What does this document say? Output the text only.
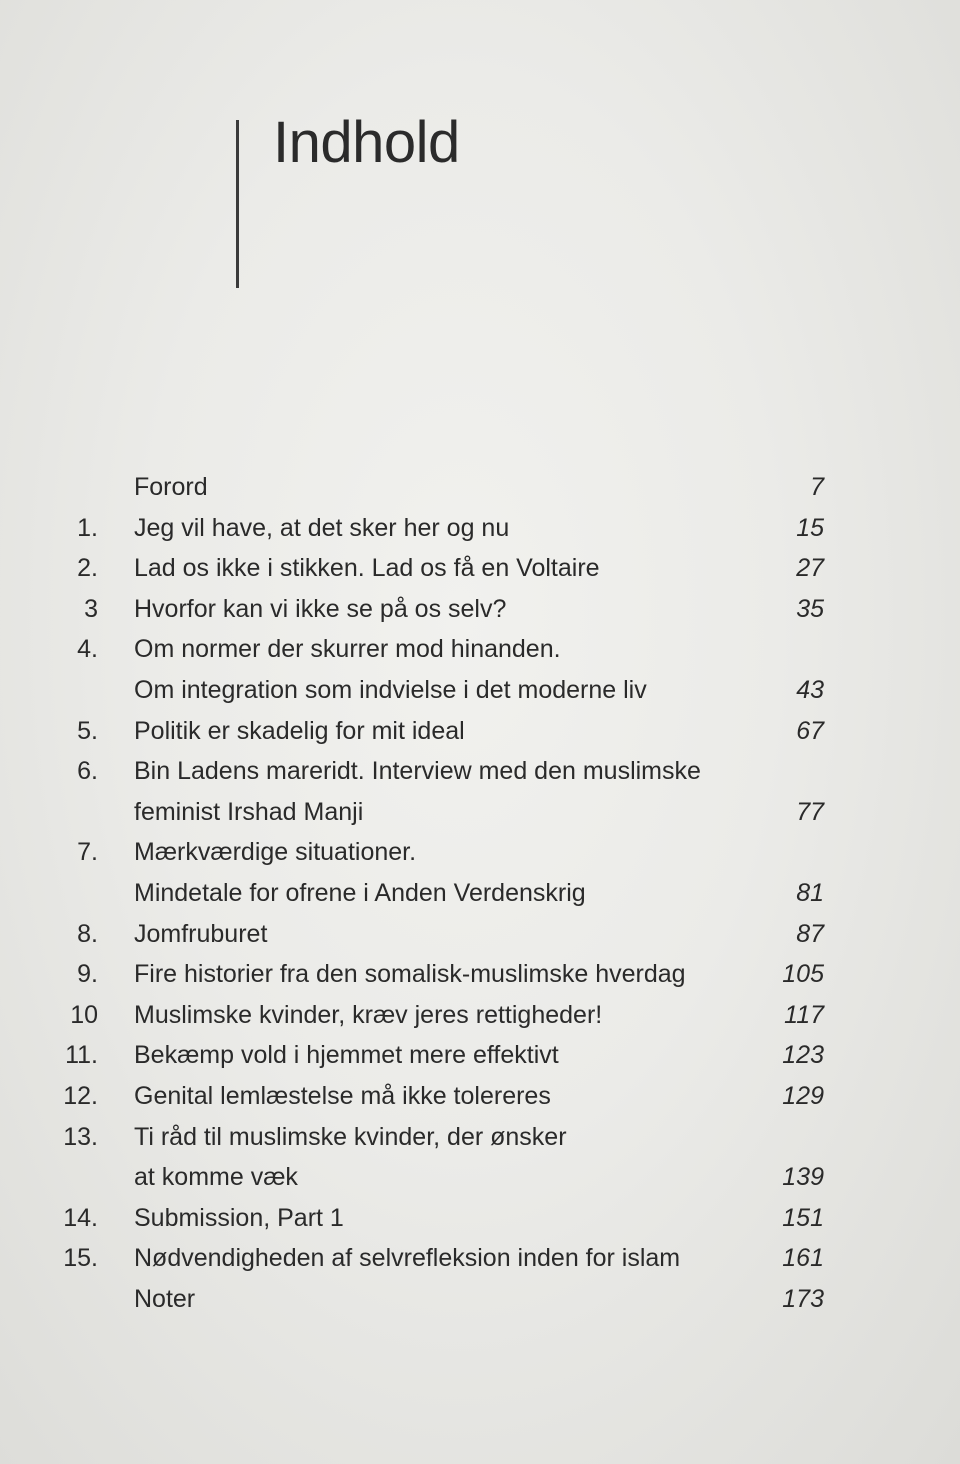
Indhold
Forord	7
1. Jeg vil have, at det sker her og nu	15
2. Lad os ikke i stikken. Lad os få en Voltaire	27
3 Hvorfor kan vi ikke se på os selv?	35
4. Om normer der skurrer mod hinanden.
Om integration som indvielse i det moderne liv	43
5. Politik er skadelig for mit ideal	67
6. Bin Ladens mareridt. Interview med den muslimske
feminist Irshad Manji	77
7. Mærkværdige situationer.
Mindetale for ofrene i Anden Verdenskrig	81
8. Jomfruburet	87
9. Fire historier fra den somalisk-muslimske hverdag	105
10 Muslimske kvinder, kræv jeres rettigheder!	117
11. Bekæmp vold i hjemmet mere effektivt	123
12. Genital lemlæstelse må ikke tolereres	129
13. Ti råd til muslimske kvinder, der ønsker
at komme væk	139
14. Submission, Part 1	151
15. Nødvendigheden af selvrefleksion inden for islam	161
Noter	173
